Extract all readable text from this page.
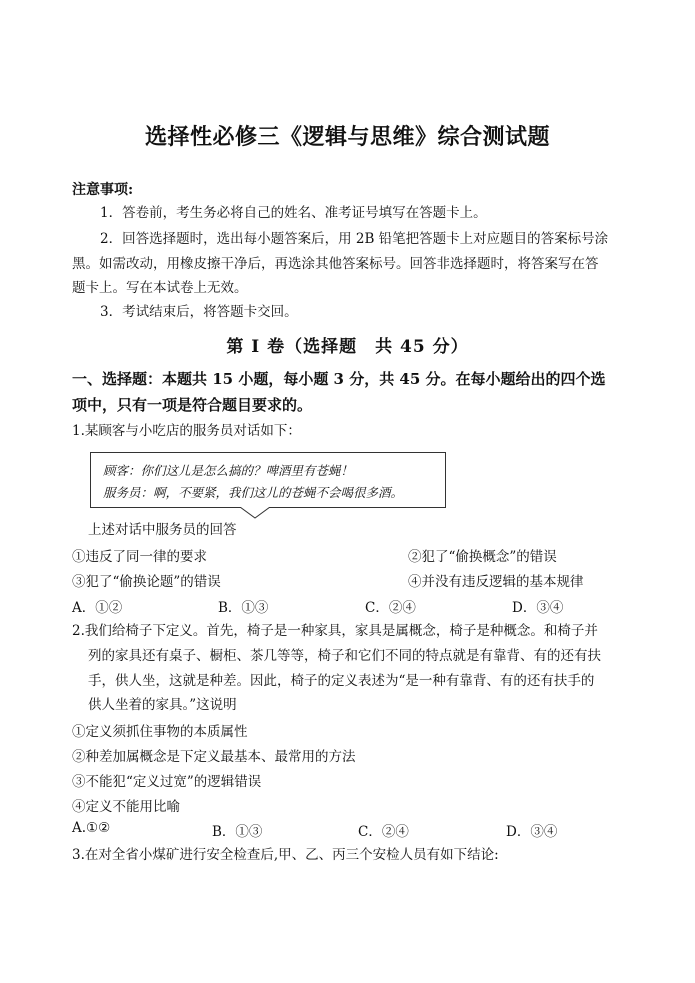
选择性必修三《逻辑与思维》综合测试题
注意事项:
1．答卷前，考生务必将自己的姓名、准考证号填写在答题卡上。
2．回答选择题时，选出每小题答案后，用 2B 铅笔把答题卡上对应题目的答案标号涂
黑。如需改动，用橡皮擦干净后，再选涂其他答案标号。回答非选择题时，将答案写在答
题卡上。写在本试卷上无效。
3．考试结束后，将答题卡交回。
第 I 卷（选择题　共 45 分）
一、选择题：本题共 15 小题，每小题 3 分，共 45 分。在每小题给出的四个选
项中，只有一项是符合题目要求的。
1.某顾客与小吃店的服务员对话如下：
顾客：你们这儿是怎么搞的？啤酒里有苍蝇！
服务员：啊，不要紧，我们这儿的苍蝇不会喝很多酒。
上述对话中服务员的回答
①违反了同一律的要求	②犯了“偷换概念”的错误
③犯了“偷换论题”的错误	④并没有违反逻辑的基本规律
A．①②	B．①③	C．②④	D．③④
2.我们给椅子下定义。首先，椅子是一种家具，家具是属概念，椅子是种概念。和椅子并
列的家具还有桌子、橱柜、茶几等等，椅子和它们不同的特点就是有靠背、有的还有扶
手，供人坐，这就是种差。因此，椅子的定义表述为“是一种有靠背、有的还有扶手的
供人坐着的家具。”这说明
①定义须抓住事物的本质属性
②种差加属概念是下定义最基本、最常用的方法
③不能犯“定义过宽”的逻辑错误
④定义不能用比喻
A.①②	B．①③	C．②④	D．③④
3.在对全省小煤矿进行安全检查后,甲、乙、丙三个安检人员有如下结论:
